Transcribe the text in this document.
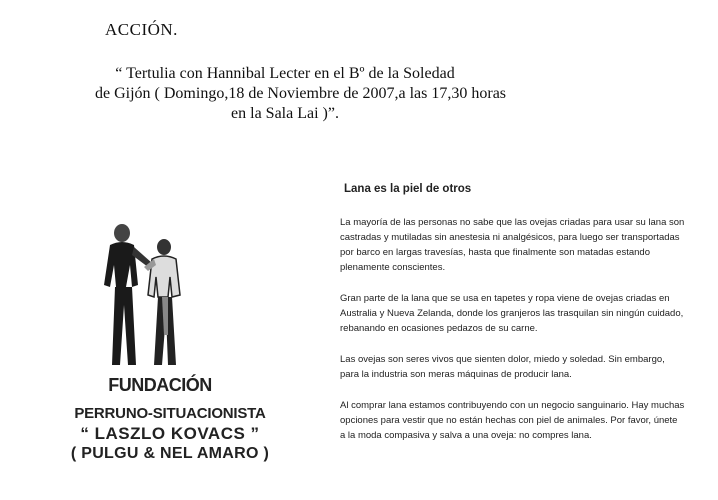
ACCIÓN.
“ Tertulia con Hannibal Lecter en el Bº de la Soledad
de Gijón ( Domingo,18 de Noviembre de 2007,a las 17,30 horas
en la Sala Lai )”.
FUNDACIÓN
PERRUNO-SITUACIONISTA
“ LASZLO KOVACS ”
( PULGU & NEL AMARO )
Lana es la piel de otros

La mayoría de las personas no sabe que las ovejas criadas para usar su lana son castradas y mutiladas sin anestesia ni analgésicos, para luego ser transportadas por barco en largas travesías, hasta que finalmente son matadas estando plenamente conscientes.

Gran parte de la lana que se usa en tapetes y ropa viene de ovejas criadas en Australia y Nueva Zelanda, donde los granjeros las trasquilan sin ningún cuidado, rebanando en ocasiones pedazos de su carne.

Las ovejas son seres vivos que sienten dolor, miedo y soledad. Sin embargo, para la industria son meras máquinas de producir lana.

Al comprar lana estamos contribuyendo con un negocio sanguinario. Hay muchas opciones para vestir que no están hechas con piel de animales. Por favor, únete a la moda compasiva y salva a una oveja: no compres lana.
